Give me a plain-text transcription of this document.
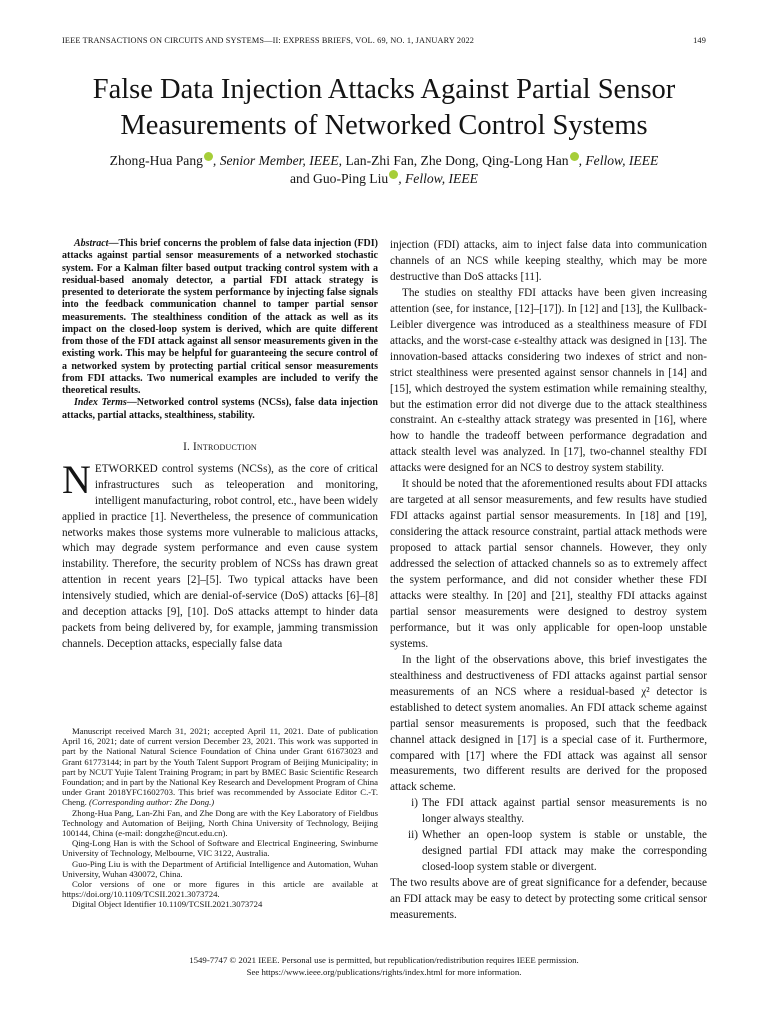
IEEE TRANSACTIONS ON CIRCUITS AND SYSTEMS—II: EXPRESS BRIEFS, VOL. 69, NO. 1, JANUARY 2022	149
False Data Injection Attacks Against Partial Sensor
Measurements of Networked Control Systems
Zhong-Hua Pang , Senior Member, IEEE, Lan-Zhi Fan, Zhe Dong, Qing-Long Han , Fellow, IEEE
and Guo-Ping Liu , Fellow, IEEE

Abstract—This brief concerns the problem of false data injection (FDI) attacks against partial sensor measurements of a networked stochastic system. For a Kalman filter based output tracking control system with a residual-based anomaly detector, a partial FDI attack strategy is presented to deteriorate the system performance by injecting false signals into the feedback communication channel to tamper partial sensor measurements. The stealthiness condition of the attack as well as its impact on the closed-loop system is derived, which are quite different from those of the FDI attack against all sensor measurements given in the existing work. This may be helpful for guaranteeing the secure control of a networked system by protecting partial critical sensor measurements from FDI attacks. Two numerical examples are included to verify the theoretical results.

Index Terms—Networked control systems (NCSs), false data injection attacks, partial attacks, stealthiness, stability.

I. Introduction

NETWORKED control systems (NCSs), as the core of critical infrastructures such as teleoperation and monitoring, intelligent manufacturing, robot control, etc., have been widely applied in practice [1]. Nevertheless, the presence of communication networks makes those systems more vulnerable to malicious attacks, which may degrade system performance and even cause system instability. Therefore, the security problem of NCSs has drawn great attention in recent years [2]–[5]. Two typical attacks have been intensively studied, which are denial-of-service (DoS) attacks [6]–[8] and deception attacks [9], [10]. DoS attacks attempt to hinder data packets from being delivered by, for example, jamming transmission channels. Deception attacks, especially false data

Manuscript received March 31, 2021; accepted April 11, 2021. Date of publication April 16, 2021; date of current version December 23, 2021. This work was supported in part by the National Natural Science Foundation of China under Grant 61673023 and Grant 61773144; in part by the Youth Talent Support Program of Beijing Municipality; in part by NCUT Yujie Talent Training Program; in part by BMEC Basic Scientific Research Foundation; and in part by the National Key Research and Development Program of China under Grant 2018YFC1602703. This brief was recommended by Associate Editor C.-T. Cheng. (Corresponding author: Zhe Dong.)

Zhong-Hua Pang, Lan-Zhi Fan, and Zhe Dong are with the Key Laboratory of Fieldbus Technology and Automation of Beijing, North China University of Technology, Beijing 100144, China (e-mail: dongzhe@ncut.edu.cn).

Qing-Long Han is with the School of Software and Electrical Engineering, Swinburne University of Technology, Melbourne, VIC 3122, Australia.

Guo-Ping Liu is with the Department of Artificial Intelligence and Automation, Wuhan University, Wuhan 430072, China.

Color versions of one or more figures in this article are available at https://doi.org/10.1109/TCSII.2021.3073724.

Digital Object Identifier 10.1109/TCSII.2021.3073724

injection (FDI) attacks, aim to inject false data into communication channels of an NCS while keeping stealthy, which may be more destructive than DoS attacks [11].

The studies on stealthy FDI attacks have been given increasing attention (see, for instance, [12]–[17]). In [12] and [13], the Kullback-Leibler divergence was introduced as a stealthiness measure of FDI attacks, and the worst-case ϵ-stealthy attack was designed in [13]. The innovation-based attacks considering two indexes of strict and non-strict stealthiness were presented against sensor channels in [14] and [15], which destroyed the system estimation while remaining stealthy, but the estimation error did not diverge due to the attack stealthiness constraint. An ϵ-stealthy attack strategy was presented in [16], where how to handle the tradeoff between performance degradation and attack stealth level was analyzed. In [17], two-channel stealthy FDI attacks were designed for an NCS to destroy system stability.

It should be noted that the aforementioned results about FDI attacks are targeted at all sensor measurements, and few results have studied FDI attacks against partial sensor measurements. In [18] and [19], considering the attack resource constraint, partial attack methods were proposed to attack partial sensor channels. However, they only addressed the selection of attacked channels so as to extremely affect the system performance, and did not consider whether these FDI attacks were stealthy. In [20] and [21], stealthy FDI attacks against partial sensor measurements were designed to destroy system performance, but it was only applicable for open-loop unstable systems.

In the light of the observations above, this brief investigates the stealthiness and destructiveness of FDI attacks against partial sensor measurements of an NCS where a residual-based χ² detector is established to detect system anomalies. An FDI attack scheme against partial sensor measurements is proposed, such that the feedback channel attack designed in [17] is a special case of it. Furthermore, compared with [17] where the FDI attack was against all sensor measurements, two different results are derived for the proposed attack scheme.

i) The FDI attack against partial sensor measurements is no longer always stealthy.
ii) Whether an open-loop system is stable or unstable, the designed partial FDI attack may make the corresponding closed-loop system stable or divergent.

The two results above are of great significance for a defender, because an FDI attack may be easy to detect by protecting some critical sensor measurements.

1549-7747 © 2021 IEEE. Personal use is permitted, but republication/redistribution requires IEEE permission.
See https://www.ieee.org/publications/rights/index.html for more information.
